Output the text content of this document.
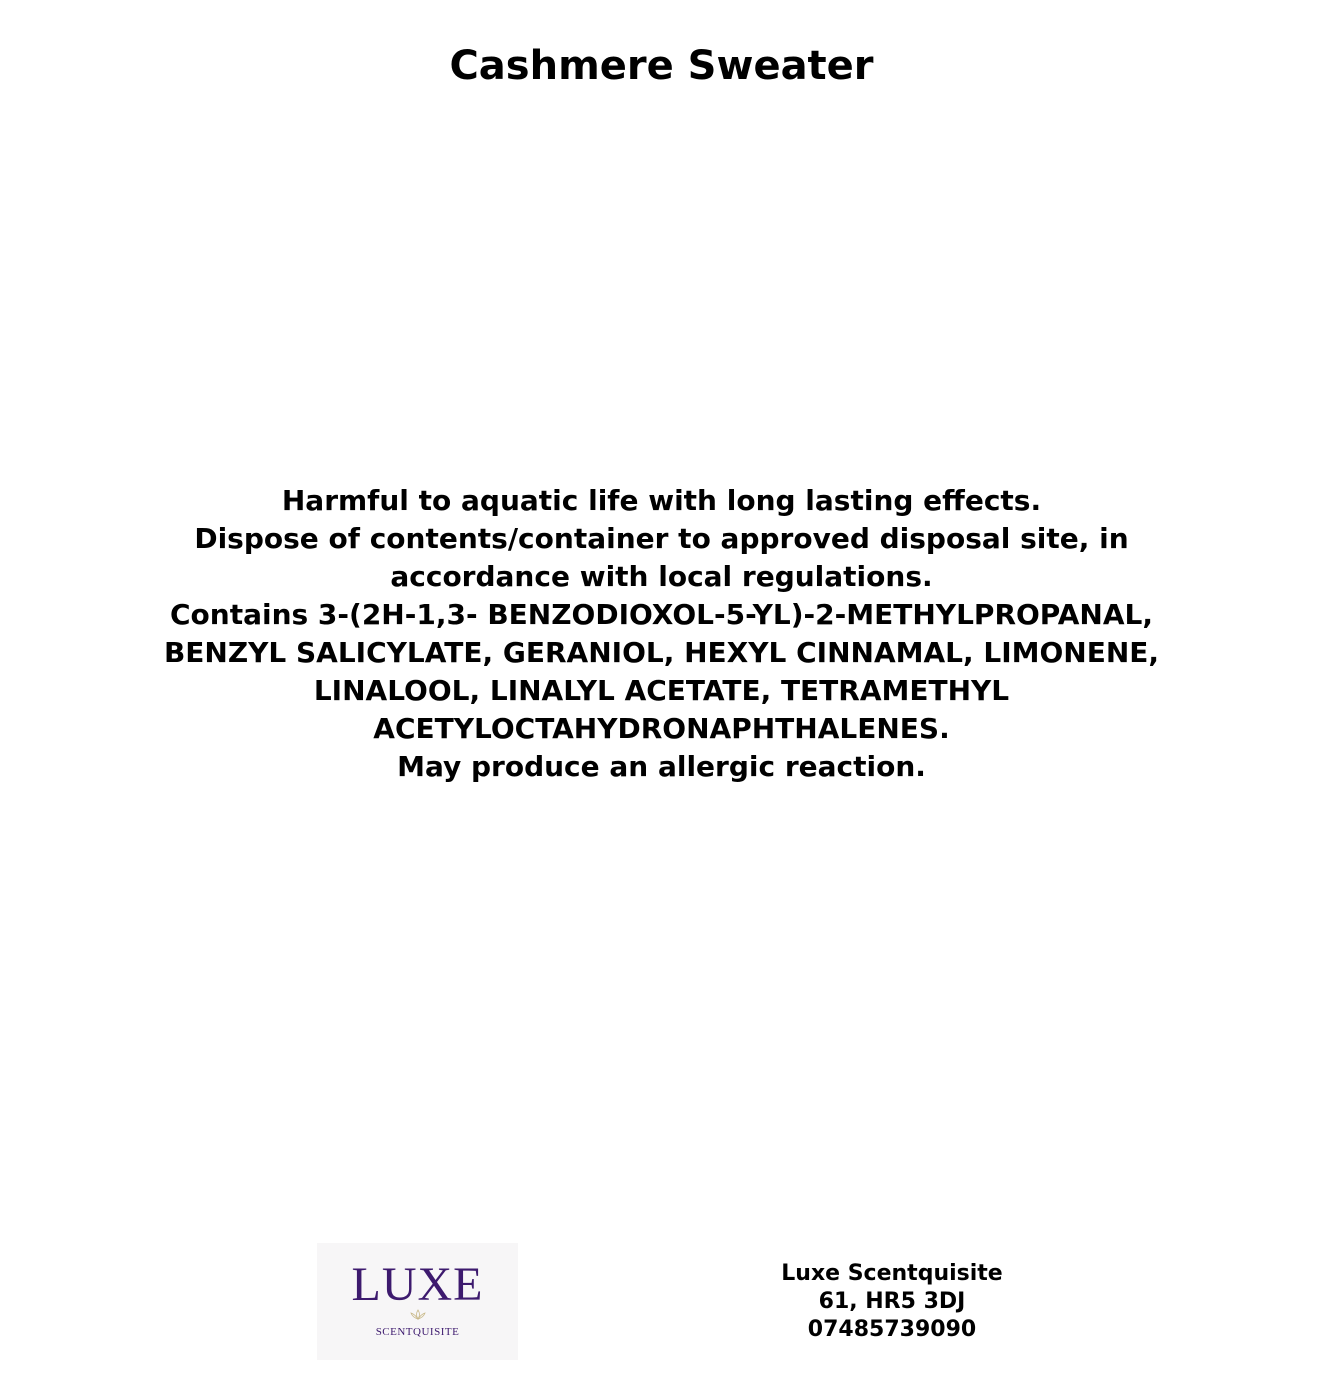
Cashmere Sweater

Harmful to aquatic life with long lasting effects.

Dispose of contents/container to approved disposal site, in accordance with local regulations.

Contains 3-(2H-1,3- BENZODIOXOL-5-YL)-2-METHYLPROPANAL, BENZYL SALICYLATE, GERANIOL, HEXYL CINNAMAL, LIMONENE, LINALOOL, LINALYL ACETATE, TETRAMETHYL ACETYLOCTAHYDRONAPHTHALENES.

May produce an allergic reaction.

LUXE
SCENTQUISITE
Luxe Scentquisite
61, HR5 3DJ
07485739090
